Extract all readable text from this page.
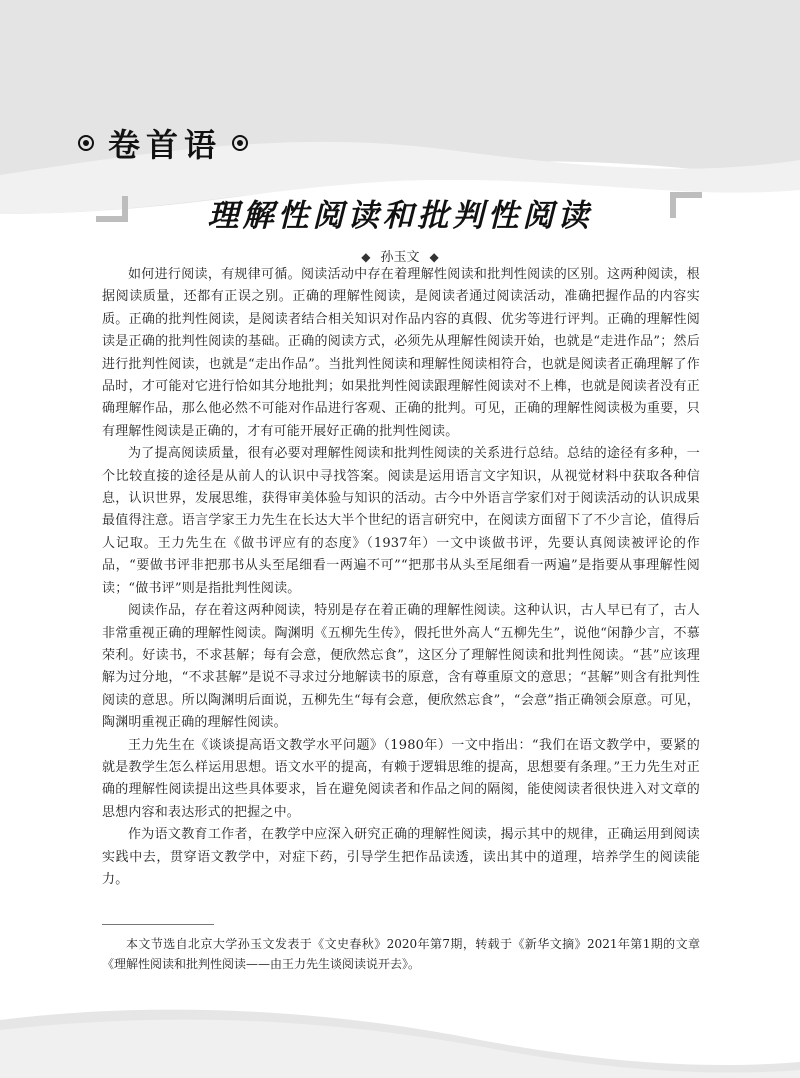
卷首语
理解性阅读和批判性阅读
◆ 孙玉文 ◆

如何进行阅读，有规律可循。阅读活动中存在着理解性阅读和批判性阅读的区别。这两种阅读，根据阅读质量，还都有正误之别。正确的理解性阅读，是阅读者通过阅读活动，准确把握作品的内容实质。正确的批判性阅读，是阅读者结合相关知识对作品内容的真假、优劣等进行评判。正确的理解性阅读是正确的批判性阅读的基础。正确的阅读方式，必须先从理解性阅读开始，也就是“走进作品”；然后进行批判性阅读，也就是“走出作品”。当批判性阅读和理解性阅读相符合，也就是阅读者正确理解了作品时，才可能对它进行恰如其分地批判；如果批判性阅读跟理解性阅读对不上榫，也就是阅读者没有正确理解作品，那么他必然不可能对作品进行客观、正确的批判。可见，正确的理解性阅读极为重要，只有理解性阅读是正确的，才有可能开展好正确的批判性阅读。

为了提高阅读质量，很有必要对理解性阅读和批判性阅读的关系进行总结。总结的途径有多种，一个比较直接的途径是从前人的认识中寻找答案。阅读是运用语言文字知识，从视觉材料中获取各种信息，认识世界，发展思维，获得审美体验与知识的活动。古今中外语言学家们对于阅读活动的认识成果最值得注意。语言学家王力先生在长达大半个世纪的语言研究中，在阅读方面留下了不少言论，值得后人记取。王力先生在《做书评应有的态度》（1937年）一文中谈做书评，先要认真阅读被评论的作品，“要做书评非把那书从头至尾细看一两遍不可”“把那书从头至尾细看一两遍”是指要从事理解性阅读；“做书评”则是指批判性阅读。

阅读作品，存在着这两种阅读，特别是存在着正确的理解性阅读。这种认识，古人早已有了，古人非常重视正确的理解性阅读。陶渊明《五柳先生传》，假托世外高人“五柳先生”，说他“闲静少言，不慕荣利。好读书，不求甚解；每有会意，便欣然忘食”，这区分了理解性阅读和批判性阅读。“甚”应该理解为过分地，“不求甚解”是说不寻求过分地解读书的原意，含有尊重原文的意思；“甚解”则含有批判性阅读的意思。所以陶渊明后面说，五柳先生“每有会意，便欣然忘食”，“会意”指正确领会原意。可见，陶渊明重视正确的理解性阅读。

王力先生在《谈谈提高语文教学水平问题》（1980年）一文中指出：“我们在语文教学中，要紧的就是教学生怎么样运用思想。语文水平的提高，有赖于逻辑思维的提高，思想要有条理。”王力先生对正确的理解性阅读提出这些具体要求，旨在避免阅读者和作品之间的隔阂，能使阅读者很快进入对文章的思想内容和表达形式的把握之中。

作为语文教育工作者，在教学中应深入研究正确的理解性阅读，揭示其中的规律，正确运用到阅读实践中去，贯穿语文教学中，对症下药，引导学生把作品读透，读出其中的道理，培养学生的阅读能力。

本文节选自北京大学孙玉文发表于《文史春秋》2020年第7期，转载于《新华文摘》2021年第1期的文章《理解性阅读和批判性阅读——由王力先生谈阅读说开去》。
